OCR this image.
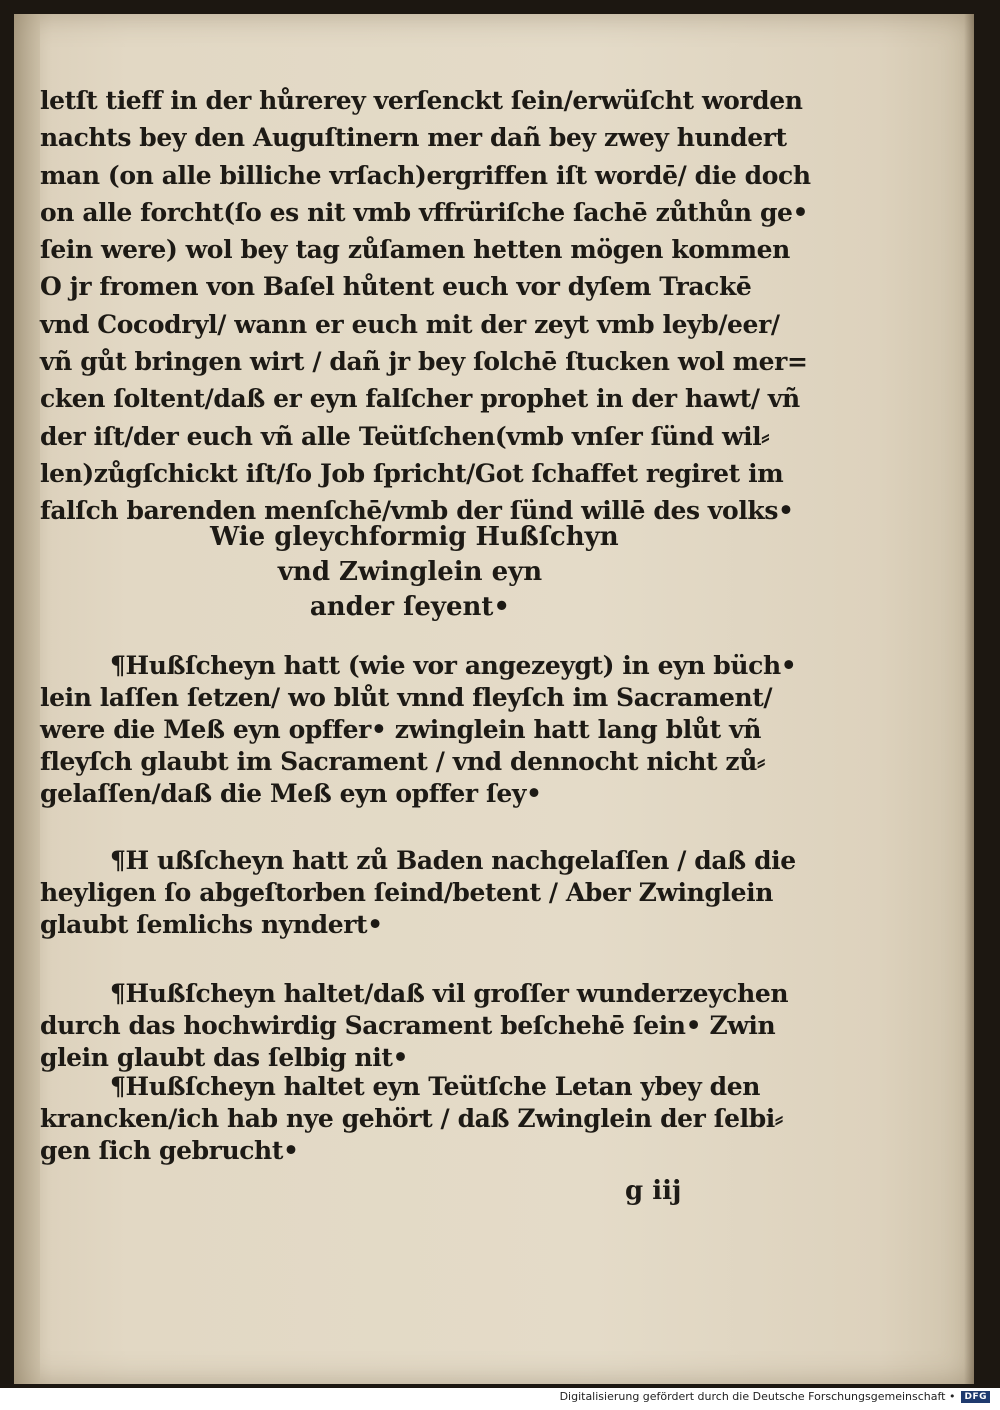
letſt tieff in der hůrerey verſenckt ſein/erwüſcht worden
nachts bey den Auguſtinern mer dañ bey zwey hundert
man (on alle billiche vrſach)ergriffen iſt wordē/ die doch
on alle forcht(ſo es nit vmb vffrüriſche ſachē zůthůn ge•
ſein were) wol bey tag zůſamen hetten mögen kommen
O jr fromen von Baſel hůtent euch vor dyſem Trackē
vnd Cocodryl/ wann er euch mit der zeyt vmb leyb/eer/
vñ gůt bringen wirt / dañ jr bey ſolchē ſtucken wol mer=
cken ſoltent/daß er eyn falſcher prophet in der hawt/ vñ
der iſt/der euch vñ alle Teütſchen(vmb vnſer ſünd wil⸗
len)zůgſchickt iſt/ſo Job ſpricht/Got ſchaffet regiret im
falſch barenden menſchē/vmb der ſünd willē des volks•
Wie gleychformig Hußſchyn
vnd Zwinglein eyn
ander ſeyent•
¶Hußſcheyn hatt (wie vor angezeygt) in eyn büch•
lein laſſen ſetzen/ wo blůt vnnd fleyſch im Sacrament/
were die Meß eyn opffer• zwinglein hatt lang blůt vñ
fleyſch glaubt im Sacrament / vnd dennocht nicht zů⸗
gelaſſen/daß die Meß eyn opffer ſey•
¶H ußſcheyn hatt zů Baden nachgelaſſen / daß die
heyligen ſo abgeſtorben ſeind/betent / Aber Zwinglein
glaubt ſemlichs nyndert•
¶Hußſcheyn haltet/daß vil groſſer wunderzeychen
durch das hochwirdig Sacrament beſchehē ſein• Zwin
glein glaubt das ſelbig nit•
¶Hußſcheyn haltet eyn Teütſche Letan ybey den
krancken/ich hab nye gehört / daß Zwinglein der ſelbi⸗
gen ſich gebrucht•
g iij
Digitalisierung gefördert durch die Deutsche Forschungsgemeinschaft •	DFG
